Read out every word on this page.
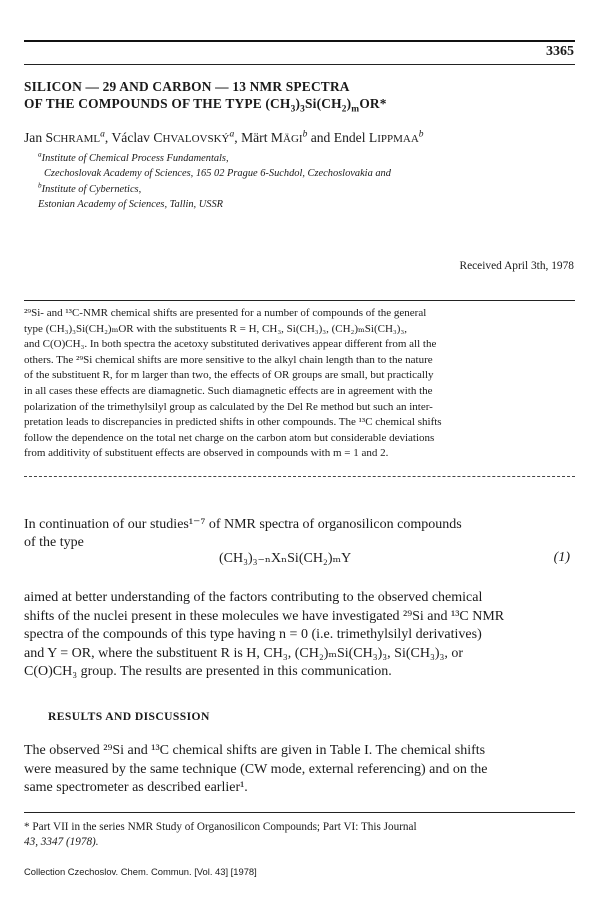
3365
SILICON — 29 AND CARBON — 13 NMR SPECTRA
OF THE COMPOUNDS OF THE TYPE $(CH_3)_3Si(CH_2)_mOR*$
Jan SCHRAML$^a$, Václav CHVALOVSKÝ$^a$, Märt MÄGI$^b$ and Endel LIPPMAA$^b$
$^a$Institute of Chemical Process Fundamentals,
Czechoslovak Academy of Sciences, 165 02 Prague 6-Suchdol, Czechoslovakia and
$^b$Institute of Cybernetics,
Estonian Academy of Sciences, Tallin, USSR
Received April 3th, 1978
²⁹Si- and ¹³C-NMR chemical shifts are presented for a number of compounds of the general
type (CH₃)₃Si(CH₂)ₘOR with the substituents R = H, CH₃, Si(CH₃)₃, (CH₂)ₘSi(CH₃)₃,
and C(O)CH₃. In both spectra the acetoxy substituted derivatives appear different from all the
others. The ²⁹Si chemical shifts are more sensitive to the alkyl chain length than to the nature
of the substituent R, for m larger than two, the effects of OR groups are small, but practically
in all cases these effects are diamagnetic. Such diamagnetic effects are in agreement with the
polarization of the trimethylsilyl group as calculated by the Del Re method but such an inter-
pretation leads to discrepancies in predicted shifts in other compounds. The ¹³C chemical shifts
follow the dependence on the total net charge on the carbon atom but considerable deviations
from additivity of substituent effects are observed in compounds with m = 1 and 2.
In continuation of our studies¹⁻⁷ of NMR spectra of organosilicon compounds
of the type
(CH₃)₃₋ₙXₙSi(CH₂)ₘY	(1)
aimed at better understanding of the factors contributing to the observed chemical
shifts of the nuclei present in these molecules we have investigated ²⁹Si and ¹³C NMR
spectra of the compounds of this type having n = 0 (i.e. trimethylsilyl derivatives)
and Y = OR, where the substituent R is H, CH₃, (CH₂)ₘSi(CH₃)₃, Si(CH₃)₃, or
C(O)CH₃ group. The results are presented in this communication.
RESULTS AND DISCUSSION
The observed ²⁹Si and ¹³C chemical shifts are given in Table I. The chemical shifts
were measured by the same technique (CW mode, external referencing) and on the
same spectrometer as described earlier¹.
* Part VII in the series NMR Study of Organosilicon Compounds; Part VI: This Journal
43, 3347 (1978).
Collection Czechoslov. Chem. Commun. [Vol. 43] [1978]
